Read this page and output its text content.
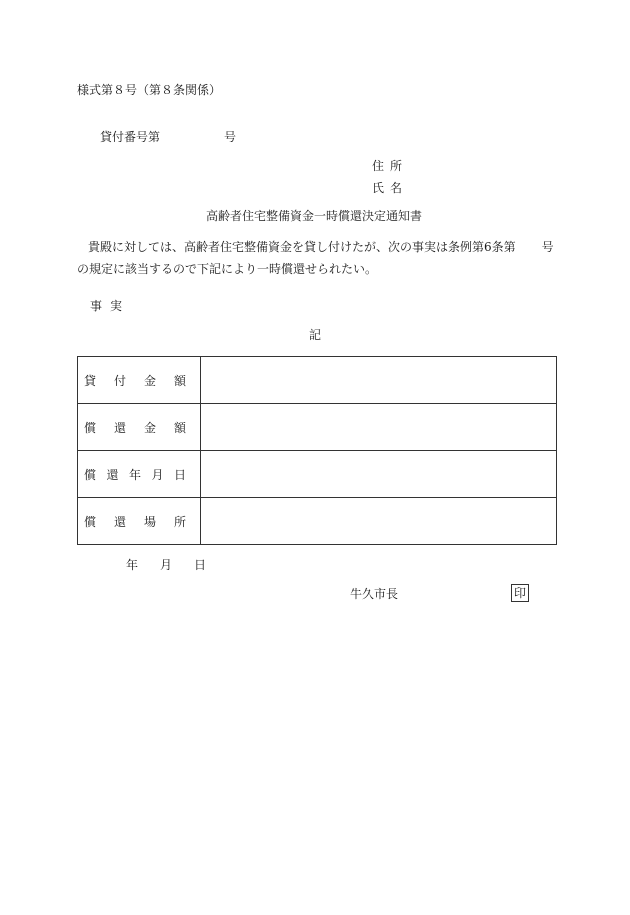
様式第８号（第８条関係）
貸付番号第	号
住所
氏名
高齢者住宅整備資金一時償還決定通知書
貴殿に対しては、高齢者住宅整備資金を貸し付けたが、次の事実は条例第6条第 号
の規定に該当するので下記により一時償還せられたい。
事実
記
貸 付 金 額	

償 還 金 額	

償 還 年 月 日	

償 還 場 所	

年 月 日
牛久市長	印
